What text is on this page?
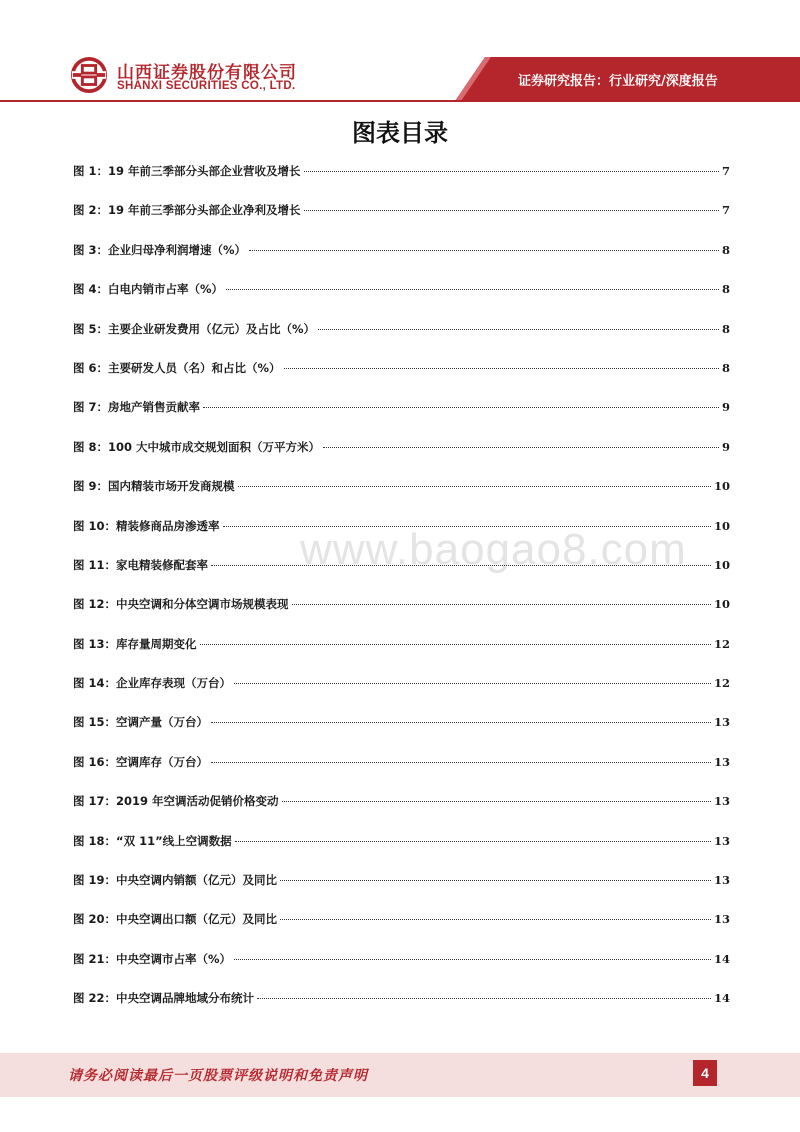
山西证券股份有限公司
SHANXI SECURITIES CO., LTD.	证券研究报告：行业研究/深度报告
图表目录
www.baogao8.com
图 1：19 年前三季部分头部企业营收及增长	7
图 2：19 年前三季部分头部企业净利及增长	7
图 3：企业归母净利润增速（%）	8
图 4：白电内销市占率（%）	8
图 5：主要企业研发费用（亿元）及占比（%）	8
图 6：主要研发人员（名）和占比（%）	8
图 7：房地产销售贡献率	9
图 8：100 大中城市成交规划面积（万平方米）	9
图 9：国内精装市场开发商规模	10
图 10：精装修商品房渗透率	10
图 11：家电精装修配套率	10
图 12：中央空调和分体空调市场规模表现	10
图 13：库存量周期变化	12
图 14：企业库存表现（万台）	12
图 15：空调产量（万台）	13
图 16：空调库存（万台）	13
图 17：2019 年空调活动促销价格变动	13
图 18：“双 11”线上空调数据	13
图 19：中央空调内销额（亿元）及同比	13
图 20：中央空调出口额（亿元）及同比	13
图 21：中央空调市占率（%）	14
图 22：中央空调品牌地域分布统计	14
请务必阅读最后一页股票评级说明和免责声明	4
